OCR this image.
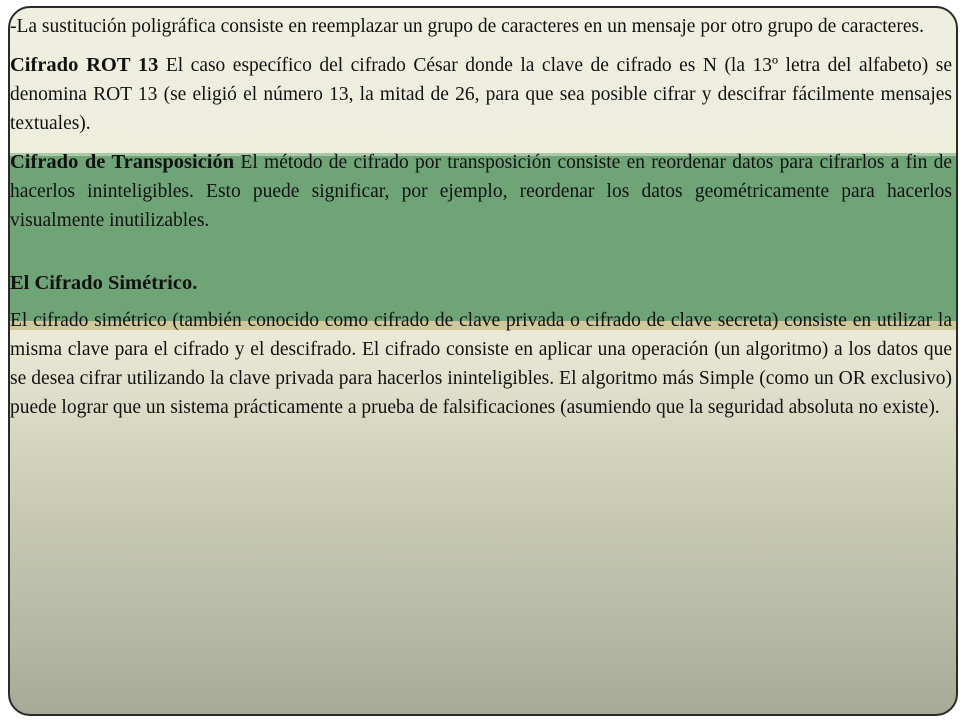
-La sustitución poligráfica consiste en reemplazar un grupo de caracteres en un mensaje por otro grupo de caracteres.

Cifrado ROT 13 El caso específico del cifrado César donde la clave de cifrado es N (la 13º letra del alfabeto) se denomina ROT 13 (se eligió el número 13, la mitad de 26, para que sea posible cifrar y descifrar fácilmente mensajes textuales).

Cifrado de Transposición El método de cifrado por transposición consiste en reordenar datos para cifrarlos a fin de hacerlos ininteligibles. Esto puede significar, por ejemplo, reordenar los datos geométricamente para hacerlos visualmente inutilizables.

El Cifrado Simétrico.

El cifrado simétrico (también conocido como cifrado de clave privada o cifrado de clave secreta) consiste en utilizar la misma clave para el cifrado y el descifrado. El cifrado consiste en aplicar una operación (un algoritmo) a los datos que se desea cifrar utilizando la clave privada para hacerlos ininteligibles. El algoritmo más Simple (como un OR exclusivo) puede lograr que un sistema prácticamente a prueba de falsificaciones (asumiendo que la seguridad absoluta no existe).
